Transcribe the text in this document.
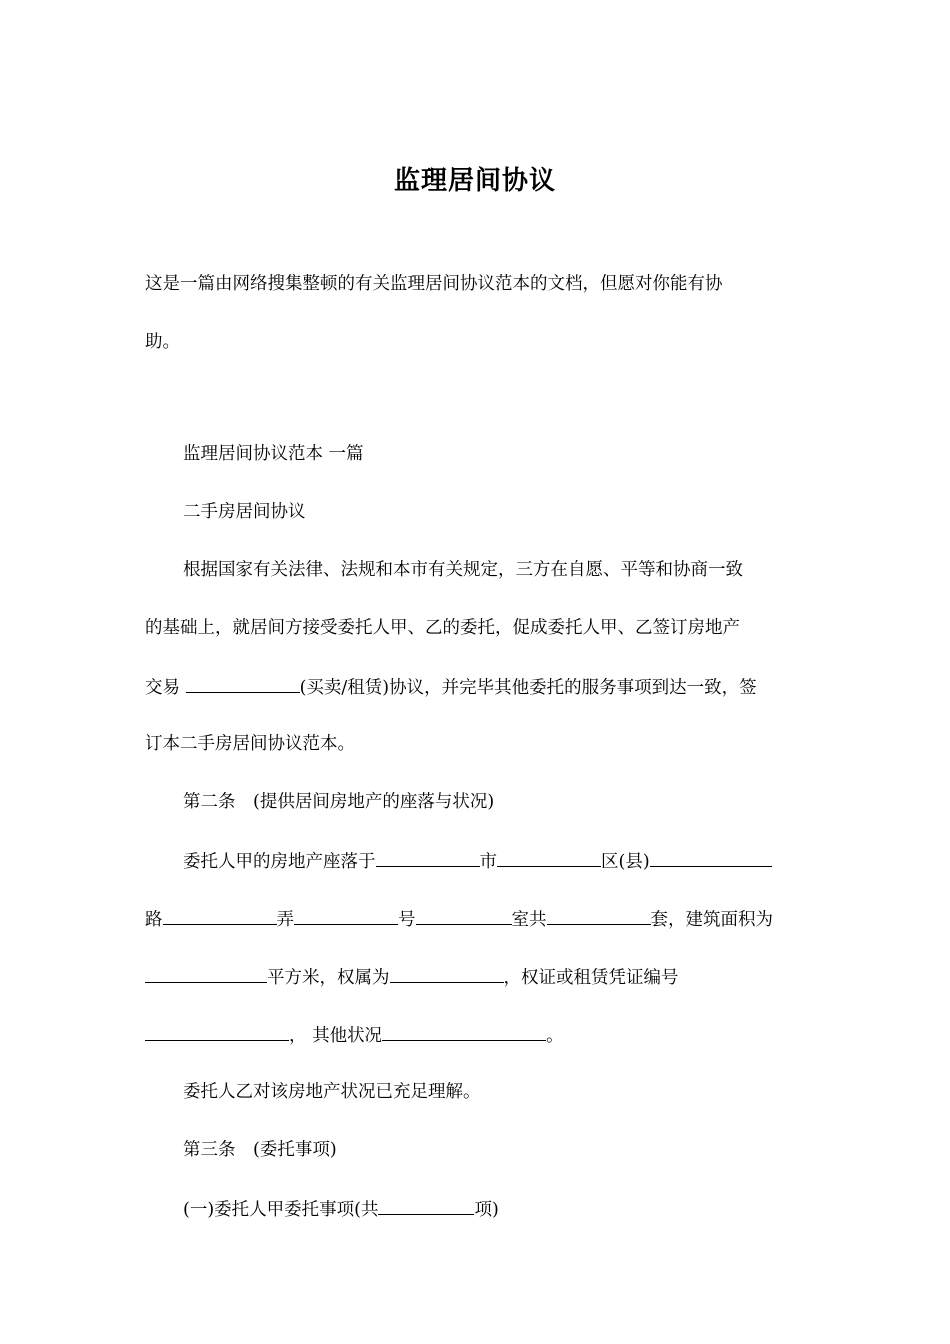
监理居间协议
这是一篇由网络搜集整顿的有关监理居间协议范本的文档，但愿对你能有协
助。
监理居间协议范本 一篇
二手房居间协议
根据国家有关法律、法规和本市有关规定，三方在自愿、平等和协商一致
的基础上，就居间方接受委托人甲、乙的委托，促成委托人甲、乙签订房地产
交易	(买卖/租赁)协议，并完毕其他委托的服务事项到达一致，签
订本二手房居间协议范本。
第二条　(提供居间房地产的座落与状况)
委托人甲的房地产座落于	市	区(县)
路	弄	号	室共	套，建筑面积为
平方米，权属为	，权证或租赁凭证编号
， 其他状况	。
委托人乙对该房地产状况已充足理解。
第三条　(委托事项)
(一)委托人甲委托事项(共	项)
